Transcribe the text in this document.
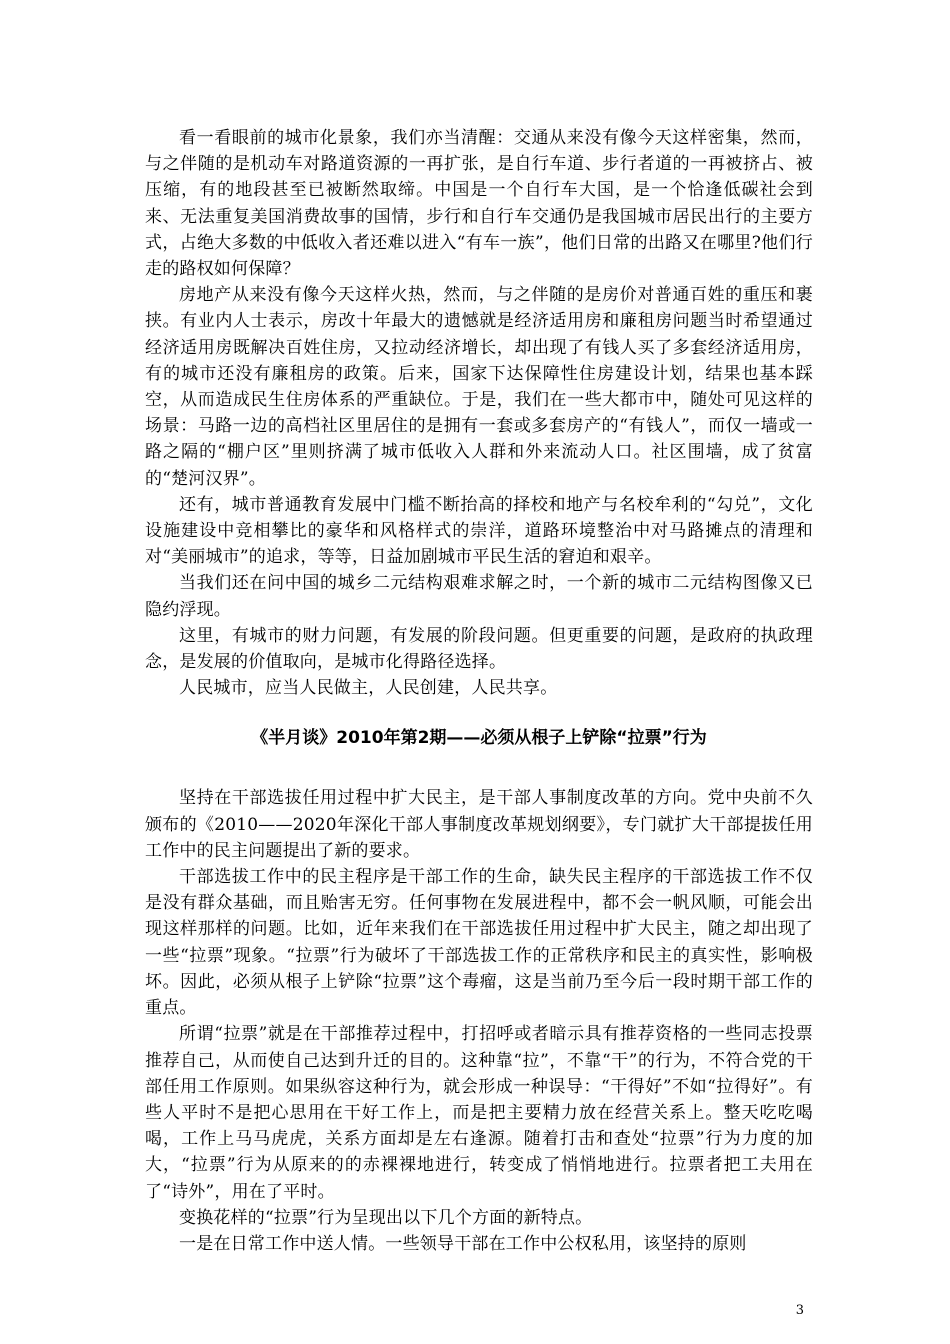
看一看眼前的城市化景象，我们亦当清醒：交通从来没有像今天这样密集，然而，与之伴随的是机动车对路道资源的一再扩张，是自行车道、步行者道的一再被挤占、被压缩，有的地段甚至已被断然取缔。中国是一个自行车大国，是一个恰逢低碳社会到来、无法重复美国消费故事的国情，步行和自行车交通仍是我国城市居民出行的主要方式，占绝大多数的中低收入者还难以进入“有车一族”，他们日常的出路又在哪里?他们行走的路权如何保障？

房地产从来没有像今天这样火热，然而，与之伴随的是房价对普通百姓的重压和裹挟。有业内人士表示，房改十年最大的遗憾就是经济适用房和廉租房问题当时希望通过经济适用房既解决百姓住房，又拉动经济增长，却出现了有钱人买了多套经济适用房，有的城市还没有廉租房的政策。后来，国家下达保障性住房建设计划，结果也基本踩空，从而造成民生住房体系的严重缺位。于是，我们在一些大都市中，随处可见这样的场景：马路一边的高档社区里居住的是拥有一套或多套房产的“有钱人”，而仅一墙或一路之隔的“棚户区”里则挤满了城市低收入人群和外来流动人口。社区围墙，成了贫富的“楚河汉界”。

还有，城市普通教育发展中门槛不断抬高的择校和地产与名校牟利的“勾兑”，文化设施建设中竞相攀比的豪华和风格样式的崇洋，道路环境整治中对马路摊点的清理和对“美丽城市”的追求，等等，日益加剧城市平民生活的窘迫和艰辛。

当我们还在问中国的城乡二元结构艰难求解之时，一个新的城市二元结构图像又已隐约浮现。

这里，有城市的财力问题，有发展的阶段问题。但更重要的问题，是政府的执政理念，是发展的价值取向，是城市化得路径选择。

人民城市，应当人民做主，人民创建，人民共享。

《半月谈》2010年第2期——必须从根子上铲除“拉票”行为

坚持在干部选拔任用过程中扩大民主，是干部人事制度改革的方向。党中央前不久颁布的《2010——2020年深化干部人事制度改革规划纲要》，专门就扩大干部提拔任用工作中的民主问题提出了新的要求。

干部选拔工作中的民主程序是干部工作的生命，缺失民主程序的干部选拔工作不仅是没有群众基础，而且贻害无穷。任何事物在发展进程中，都不会一帆风顺，可能会出现这样那样的问题。比如，近年来我们在干部选拔任用过程中扩大民主，随之却出现了一些“拉票”现象。“拉票”行为破坏了干部选拔工作的正常秩序和民主的真实性，影响极坏。因此，必须从根子上铲除“拉票”这个毒瘤，这是当前乃至今后一段时期干部工作的重点。

所谓“拉票”就是在干部推荐过程中，打招呼或者暗示具有推荐资格的一些同志投票推荐自己，从而使自己达到升迁的目的。这种靠“拉”，不靠“干”的行为，不符合党的干部任用工作原则。如果纵容这种行为，就会形成一种误导：“干得好”不如“拉得好”。有些人平时不是把心思用在干好工作上，而是把主要精力放在经营关系上。整天吃吃喝喝，工作上马马虎虎，关系方面却是左右逢源。随着打击和查处“拉票”行为力度的加大，“拉票”行为从原来的的赤裸裸地进行，转变成了悄悄地进行。拉票者把工夫用在了“诗外”，用在了平时。

变换花样的“拉票”行为呈现出以下几个方面的新特点。

一是在日常工作中送人情。一些领导干部在工作中公权私用，该坚持的原则

3
